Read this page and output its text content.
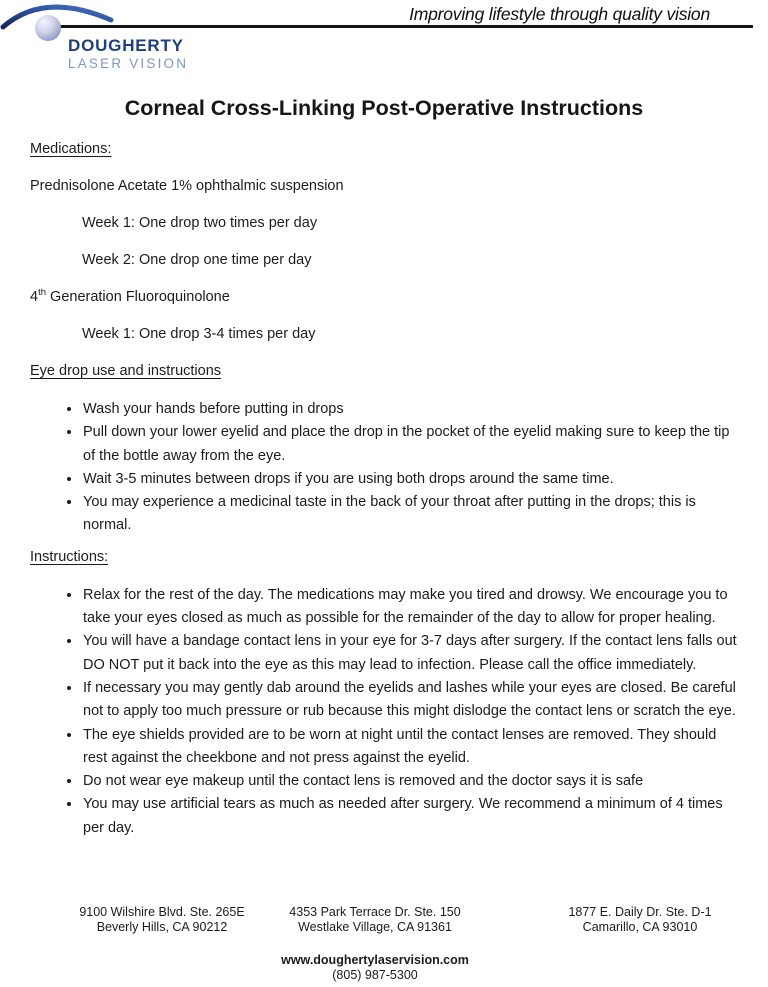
Improving lifestyle through quality vision
DOUGHERTY
LASER VISION
Corneal Cross-Linking Post-Operative Instructions
Medications:

Prednisolone Acetate 1% ophthalmic suspension

Week 1: One drop two times per day

Week 2: One drop one time per day

4th Generation Fluoroquinolone

Week 1: One drop 3-4 times per day

Eye drop use and instructions
• Wash your hands before putting in drops
• Pull down your lower eyelid and place the drop in the pocket of the eyelid making sure to keep the tip of the bottle away from the eye.
• Wait 3-5 minutes between drops if you are using both drops around the same time.
• You may experience a medicinal taste in the back of your throat after putting in the drops; this is normal.
Instructions:
• Relax for the rest of the day. The medications may make you tired and drowsy. We encourage you to take your eyes closed as much as possible for the remainder of the day to allow for proper healing.
• You will have a bandage contact lens in your eye for 3-7 days after surgery. If the contact lens falls out DO NOT put it back into the eye as this may lead to infection. Please call the office immediately.
• If necessary you may gently dab around the eyelids and lashes while your eyes are closed. Be careful not to apply too much pressure or rub because this might dislodge the contact lens or scratch the eye.
• The eye shields provided are to be worn at night until the contact lenses are removed. They should rest against the cheekbone and not press against the eyelid.
• Do not wear eye makeup until the contact lens is removed and the doctor says it is safe
• You may use artificial tears as much as needed after surgery. We recommend a minimum of 4 times per day.
9100 Wilshire Blvd. Ste. 265E
Beverly Hills, CA 90212
4353 Park Terrace Dr. Ste. 150
Westlake Village, CA 91361
1877 E. Daily Dr. Ste. D-1
Camarillo, CA 93010
www.doughertylaservision.com
(805) 987-5300
